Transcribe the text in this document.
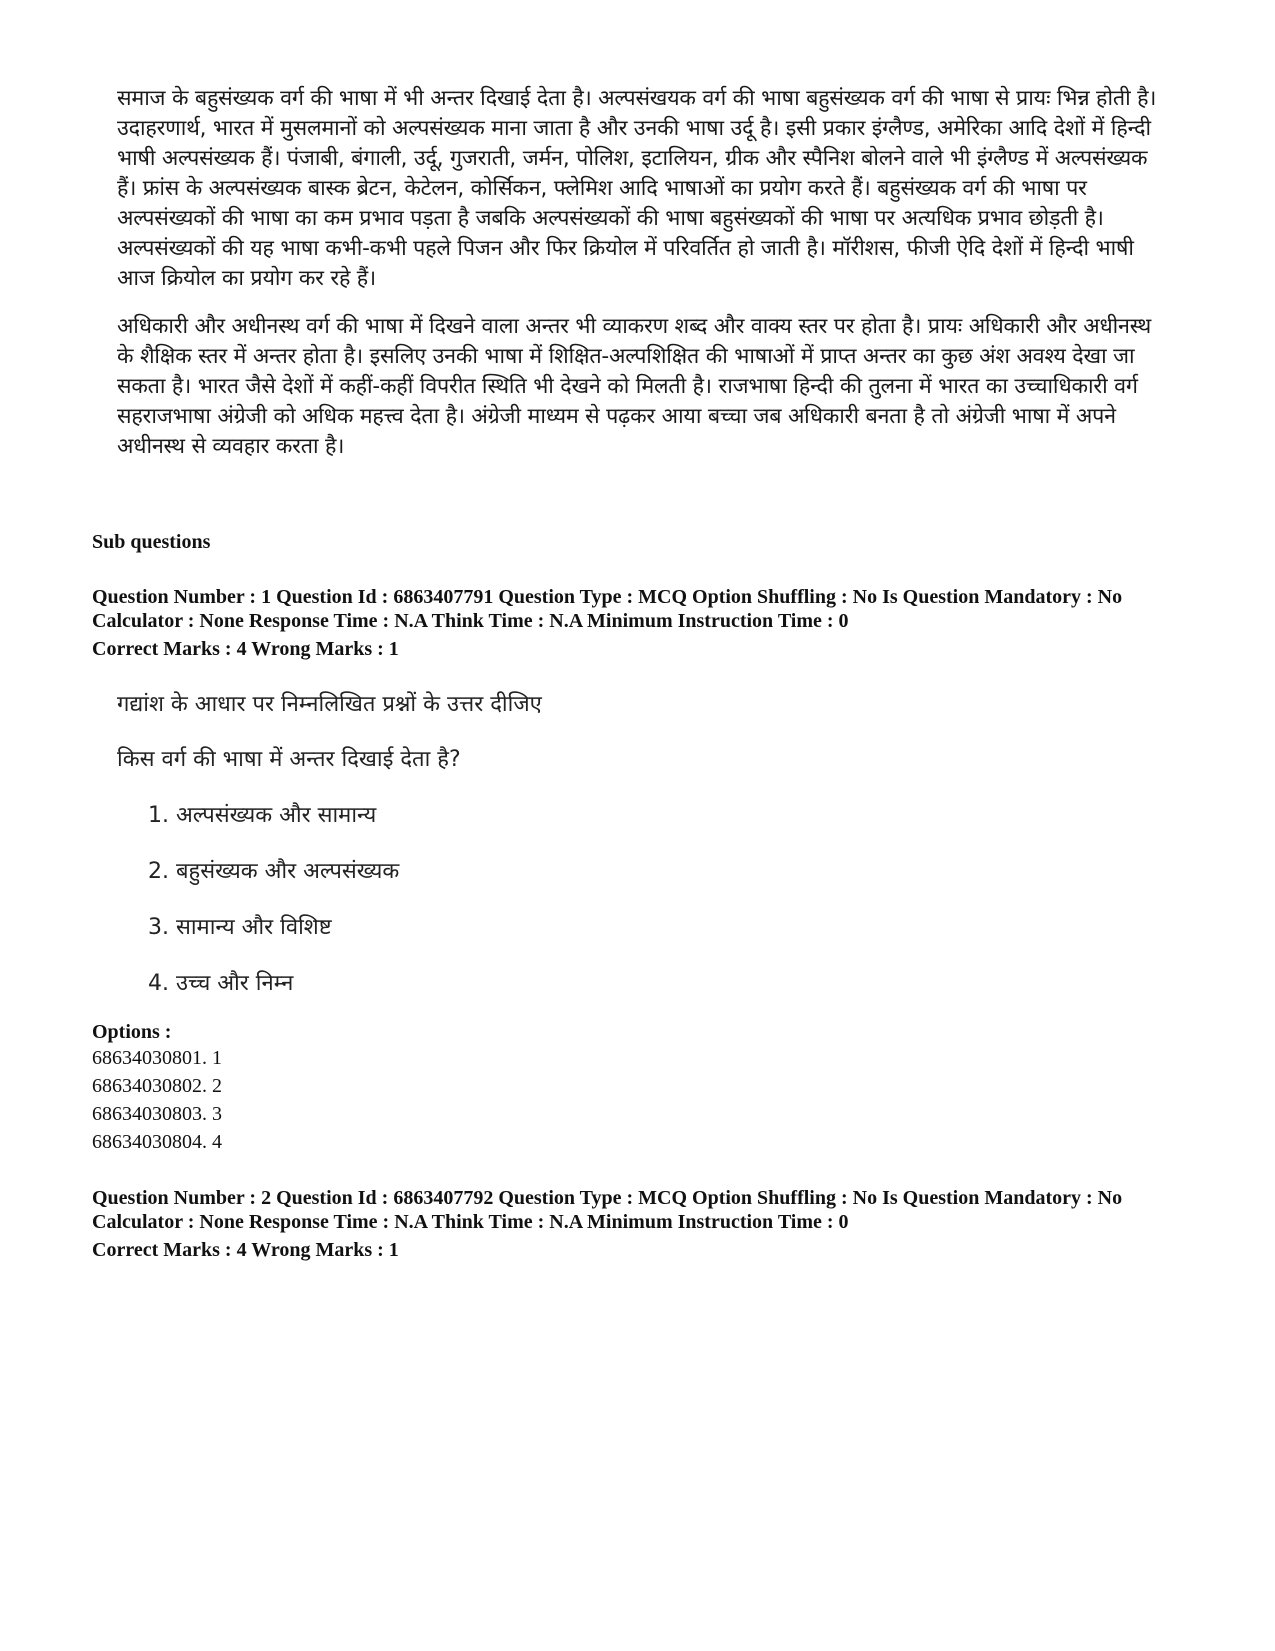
समाज के बहुसंख्यक वर्ग की भाषा में भी अन्तर दिखाई देता है। अल्पसंखयक वर्ग की भाषा बहुसंख्यक वर्ग की भाषा से प्रायः भिन्न होती है। उदाहरणार्थ, भारत में मुसलमानों को अल्पसंख्यक माना जाता है और उनकी भाषा उर्दू है। इसी प्रकार इंग्लैण्ड, अमेरिका आदि देशों में हिन्दी भाषी अल्पसंख्यक हैं। पंजाबी, बंगाली, उर्दू, गुजराती, जर्मन, पोलिश, इटालियन, ग्रीक और स्पैनिश बोलने वाले भी इंग्लैण्ड में अल्पसंख्यक हैं। फ्रांस के अल्पसंख्यक बास्क ब्रेटन, केटेलन, कोर्सिकन, फ्लेमिश आदि भाषाओं का प्रयोग करते हैं। बहुसंख्यक वर्ग की भाषा पर अल्पसंख्यकों की भाषा का कम प्रभाव पड़ता है जबकि अल्पसंख्यकों की भाषा बहुसंख्यकों की भाषा पर अत्यधिक प्रभाव छोड़ती है। अल्पसंख्यकों की यह भाषा कभी-कभी पहले पिजन और फिर क्रियोल में परिवर्तित हो जाती है। मॉरीशस, फीजी ऐदि देशों में हिन्दी भाषी आज क्रियोल का प्रयोग कर रहे हैं।

अधिकारी और अधीनस्थ वर्ग की भाषा में दिखने वाला अन्तर भी व्याकरण शब्द और वाक्य स्तर पर होता है। प्रायः अधिकारी और अधीनस्थ के शैक्षिक स्तर में अन्तर होता है। इसलिए उनकी भाषा में शिक्षित-अल्पशिक्षित की भाषाओं में प्राप्त अन्तर का कुछ अंश अवश्य देखा जा सकता है। भारत जैसे देशों में कहीं-कहीं विपरीत स्थिति भी देखने को मिलती है। राजभाषा हिन्दी की तुलना में भारत का उच्चाधिकारी वर्ग सहराजभाषा अंग्रेजी को अधिक महत्त्व देता है। अंग्रेजी माध्यम से पढ़कर आया बच्चा जब अधिकारी बनता है तो अंग्रेजी भाषा में अपने अधीनस्थ से व्यवहार करता है।

Sub questions
Question Number : 1 Question Id : 6863407791 Question Type : MCQ Option Shuffling : No Is Question Mandatory : No
Calculator : None Response Time : N.A Think Time : N.A Minimum Instruction Time : 0
Correct Marks : 4 Wrong Marks : 1
गद्यांश के आधार पर निम्नलिखित प्रश्नों के उत्तर दीजिए
किस वर्ग की भाषा में अन्तर दिखाई देता है?
1. अल्पसंख्यक और सामान्य
2. बहुसंख्यक और अल्पसंख्यक
3. सामान्य और विशिष्ट
4. उच्च और निम्न
Options :
68634030801. 1
68634030802. 2
68634030803. 3
68634030804. 4
Question Number : 2 Question Id : 6863407792 Question Type : MCQ Option Shuffling : No Is Question Mandatory : No
Calculator : None Response Time : N.A Think Time : N.A Minimum Instruction Time : 0
Correct Marks : 4 Wrong Marks : 1
